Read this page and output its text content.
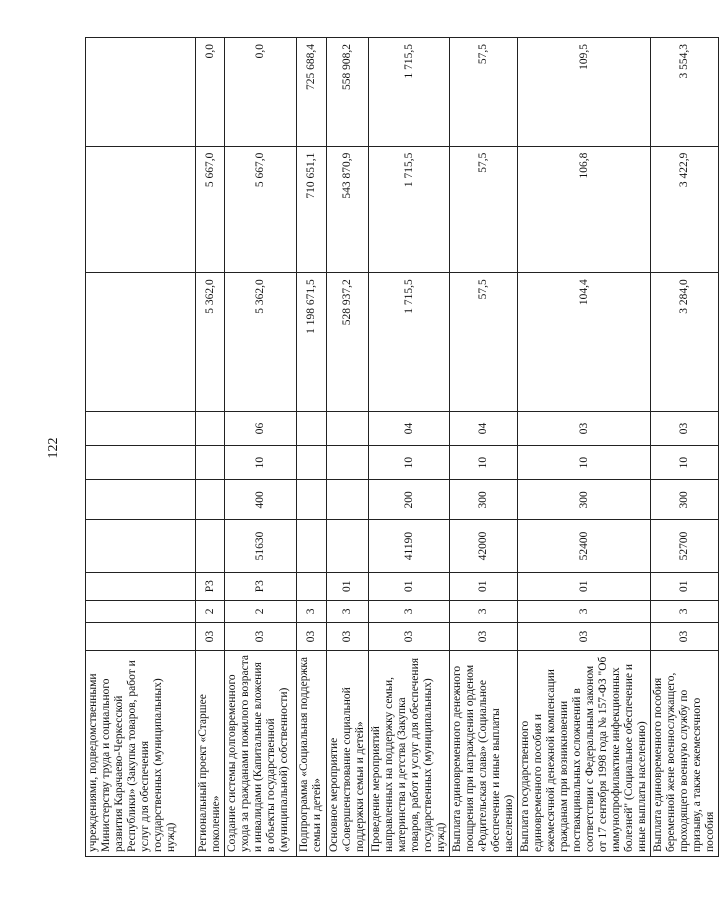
122
учреждениями, подведомственными Министерству труда и социального развития Карачаево-Черкесской Республики» (Закупка товаров, работ и услуг для обеспечения государственных (муниципальных) нужд)										
Региональный проект «Старшее поколение»	03	2	Р3					5 362,0	5 667,0	0,0
Создание системы долговременного ухода за гражданами пожилого возраста и инвалидами (Капитальные вложения в объекты государственной (муниципальной) собственности)	03	2	Р3	51630	400	10	06	5 362,0	5 667,0	0,0
Подпрограмма «Социальная поддержка семьи и детей»	03	3						1 198 671,5	710 651,1	725 688,4
Основное мероприятие «Совершенствование социальной поддержки семьи и детей»	03	3	01					528 937,2	543 870,9	558 908,2
Проведение мероприятий направленных на поддержку семьи, материнства и детства (Закупка товаров, работ и услуг для обеспечения государственных (муниципальных) нужд)	03	3	01	41190	200	10	04	1 715,5	1 715,5	1 715,5
Выплата единовременного денежного поощрения при награждении орденом «Родительская слава» (Социальное обеспечение и иные выплаты населению)	03	3	01	42000	300	10	04	57,5	57,5	57,5
Выплата государственного единовременного пособия и ежемесячной денежной компенсации гражданам при возникновении поствакцинальных осложнений в соответствии с Федеральным законом от 17 сентября 1998 года № 157-ФЗ "Об иммунопрофилактике инфекционных болезней" (Социальное обеспечение и иные выплаты населению)	03	3	01	52400	300	10	03	104,4	106,8	109,5
Выплата единовременного пособия беременной жене военнослужащего, проходящего военную службу по призыву, а также ежемесячного пособия	03	3	01	52700	300	10	03	3 284,0	3 422,9	3 554,3
